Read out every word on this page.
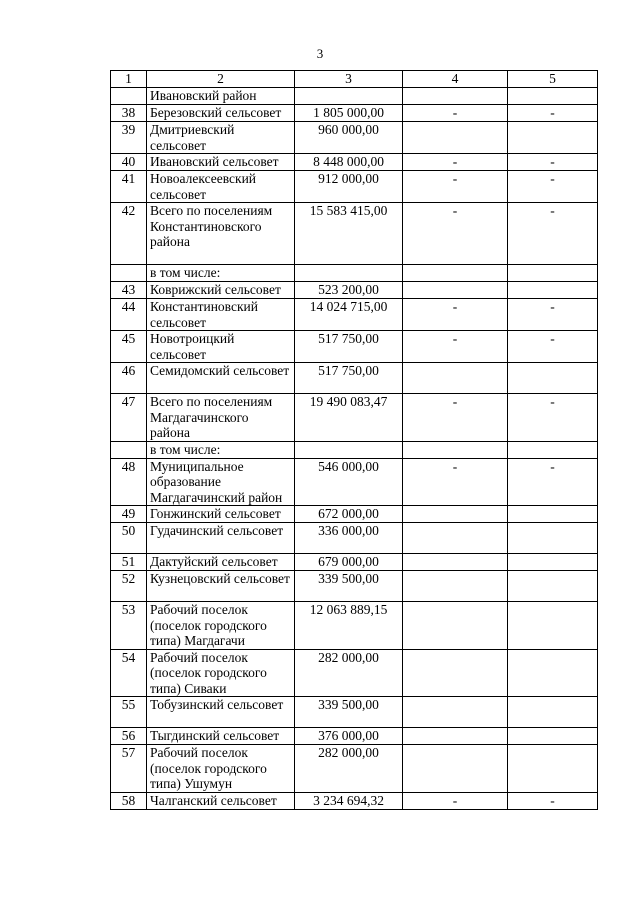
3
1	2	3	4	5
	Ивановский район			
38	Березовский сельсовет	1 805 000,00	-	-
39	Дмитриевский сельсовет	960 000,00		
40	Ивановский сельсовет	8 448 000,00	-	-
41	Новоалексеевский сельсовет	912 000,00	-	-
42	Всего по поселениям Константиновского района	15 583 415,00	-	-
	в том числе:			
43	Коврижский сельсовет	523 200,00		
44	Константиновский сельсовет	14 024 715,00	-	-
45	Новотроицкий сельсовет	517 750,00	-	-
46	Семидомский сельсовет	517 750,00		
47	Всего по поселениям Магдагачинского района	19 490 083,47	-	-
	в том числе:			
48	Муниципальное образование Магдагачинский район	546 000,00	-	-
49	Гонжинский сельсовет	672 000,00		
50	Гудачинский сельсовет	336 000,00		
51	Дактуйский сельсовет	679 000,00		
52	Кузнецовский сельсовет	339 500,00		
53	Рабочий поселок (поселок городского типа) Магдагачи	12 063 889,15		
54	Рабочий поселок (поселок городского типа) Сиваки	282 000,00		
55	Тобузинский сельсовет	339 500,00		
56	Тыгдинский сельсовет	376 000,00		
57	Рабочий поселок (поселок городского типа) Ушумун	282 000,00		
58	Чалганский сельсовет	3 234 694,32	-	-
